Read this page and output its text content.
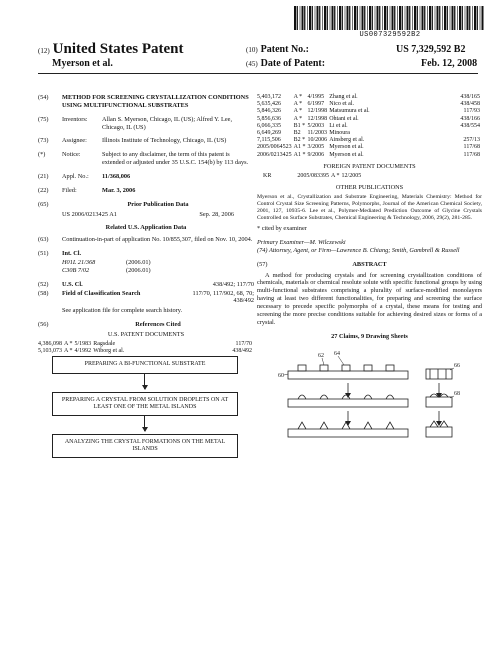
US007329592B2
(12) United States Patent
Myerson et al.
(10) Patent No.:	US 7,329,592 B2
(45) Date of Patent:	Feb. 12, 2008
(54)	METHOD FOR SCREENING CRYSTALLIZATION CONDITIONS USING MULTIFUNCTIONAL SUBSTRATES
(75)	Inventors:	Allan S. Myerson, Chicago, IL (US); Alfred Y. Lee, Chicago, IL (US)
(73)	Assignee:	Illinois Institute of Technology, Chicago, IL (US)
(*)	Notice:	Subject to any disclaimer, the term of this patent is extended or adjusted under 35 U.S.C. 154(b) by 113 days.
(21)	Appl. No.:	11/368,006
(22)	Filed:	Mar. 3, 2006
(65)	Prior Publication Data
US 2006/0213425 A1	Sep. 28, 2006
Related U.S. Application Data
(63)	Continuation-in-part of application No. 10/855,307, filed on Nov. 10, 2004.
(51)	Int. Cl.
H01L 21/368	(2006.01)
C30B 7/02	(2006.01)
(52)	U.S. Cl.	438/492; 117/70
(58)	Field of Classification Search	117/70, 117/902, 68, 70; 438/492
See application file for complete search history.
(56)	References Cited
U.S. PATENT DOCUMENTS
4,386,098	A *	5/1983	Ragsdale	117/70
5,103,073	A *	4/1992	Wiborg et al.	438/492
5,403,172	A *	4/1995	Zhang et al.	438/165
5,635,426	A *	6/1997	Nico et al.	438/458
5,846,326	A *	12/1998	Matsumura et al.	117/93
5,856,636	A *	12/1998	Ohtani et al.	438/166
6,066,335	B1 *	5/2003	Li et al.	438/554
6,649,269	B2	11/2003	Minoura	
7,115,506	B2 *	10/2006	Ainsberg et al.	257/13
2005/0064523	A1 *	3/2005	Myerson et al.	117/68
2006/0213425	A1 *	9/2006	Myerson et al.	117/68
FOREIGN PATENT DOCUMENTS
KR	2005/083395	A *	12/2005
OTHER PUBLICATIONS
Myerson et al., Crystallization and Substrate Engineering, Materials Chemistry: Method for Control Crystal Size Screening Patterns, Polymorphs, Journal of the American Chemical Society, 2001, 127, 10935-6. Lee et al., Polymer-Mediated Prediction Outcome of Glycine Crystals Controlled on Surface Substrates, Chemical Engineering & Technology, 2006, 29(2), 281-285.
* cited by examiner
Primary Examiner—M. Wilczewski
(74) Attorney, Agent, or Firm—Lawrence B. Chiang; Smith, Gambrell & Russell
(57)	ABSTRACT
A method for producing crystals and for screening crystallization conditions of chemicals, materials or chemical resolute solute with specific functional groups by using multi-functional substrates comprising a plurality of surface-modified monolayers having at least two different functionalities, for preparing and screening the surface necessary to precede specific polymorphs of a crystal, these means for testing and screening the more precise conditions suitable for achieving desired sizes or forms of a crystal.
27 Claims, 9 Drawing Sheets
PREPARING A BI-FUNCTIONAL SUBSTRATE
PREPARING A CRYSTAL FROM SOLUTION DROPLETS ON AT LEAST ONE OF THE METAL ISLANDS
ANALYZING THE CRYSTAL FORMATIONS ON THE METAL ISLANDS
62 64
60
66
68
